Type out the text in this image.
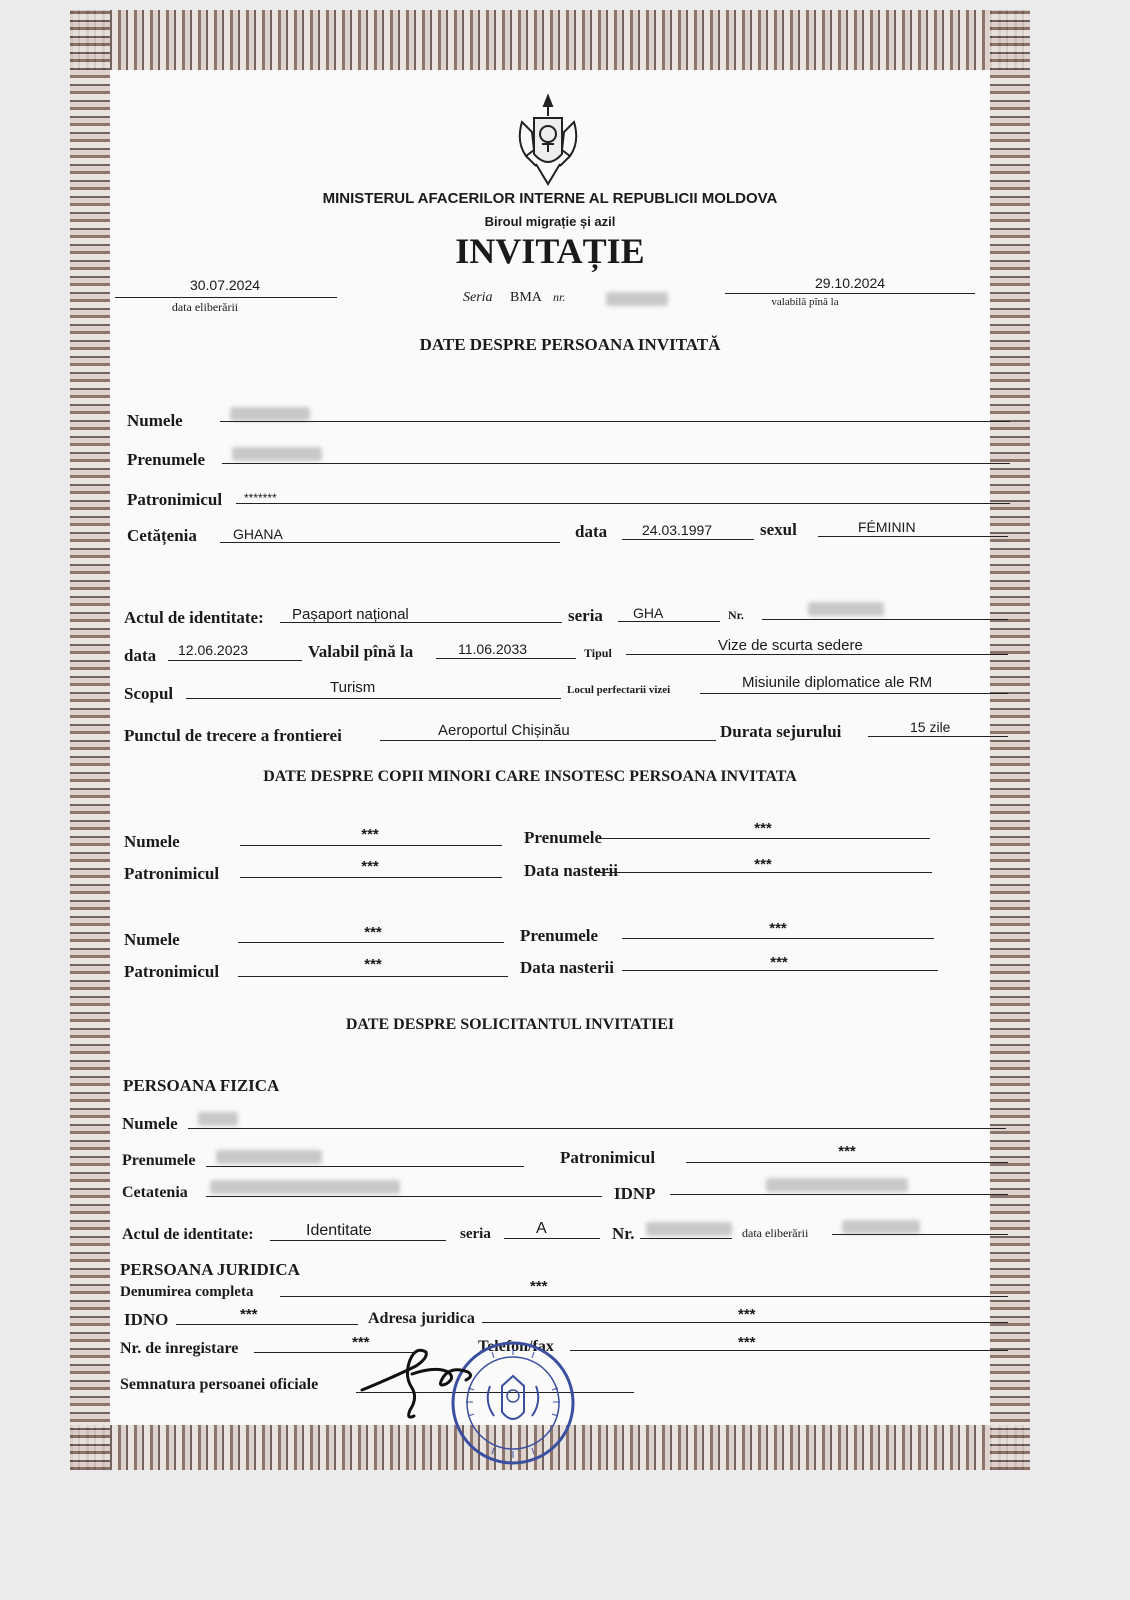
MINISTERUL AFACERILOR INTERNE AL REPUBLICII MOLDOVA
Biroul migrație și azil
INVITAȚIE
30.07.2024
data eliberării
Seria BMA nr.
29.10.2024
valabilă pînă la
DATE DESPRE PERSOANA INVITATĂ
Numele
Prenumele
Patronimicul *******
Cetățenia	GHANA	data 24.03.1997	sexul	FÉMININ
Actul de identitate: Pașaport național	seria GHA	Nr.
data 12.06.2023	Valabil pînă la	11.06.2033	Tipul	Vize de scurta sedere
Scopul	Turism	Locul perfectarii vizei	Misiunile diplomatice ale RM
Punctul de trecere a frontierei	Aeroportul Chișinău	Durata sejurului	15 zile
DATE DESPRE COPII MINORI CARE INSOTESC PERSOANA INVITATA
Numele	***	Prenumele	***
Patronimicul	***	Data nasterii	***
Numele	***	Prenumele	***
Patronimicul	***	Data nasterii	***
DATE DESPRE SOLICITANTUL INVITATIEI
PERSOANA FIZICA
Numele
Prenumele	Patronimicul	***
Cetatenia	IDNP
Actul de identitate:	Identitate	seria	A	Nr.	data eliberării
PERSOANA JURIDICA
Denumirea completa	***
IDNO	***	Adresa juridica	***
Nr. de inregistare	***	Telefon/fax	***
Semnatura persoanei oficiale
